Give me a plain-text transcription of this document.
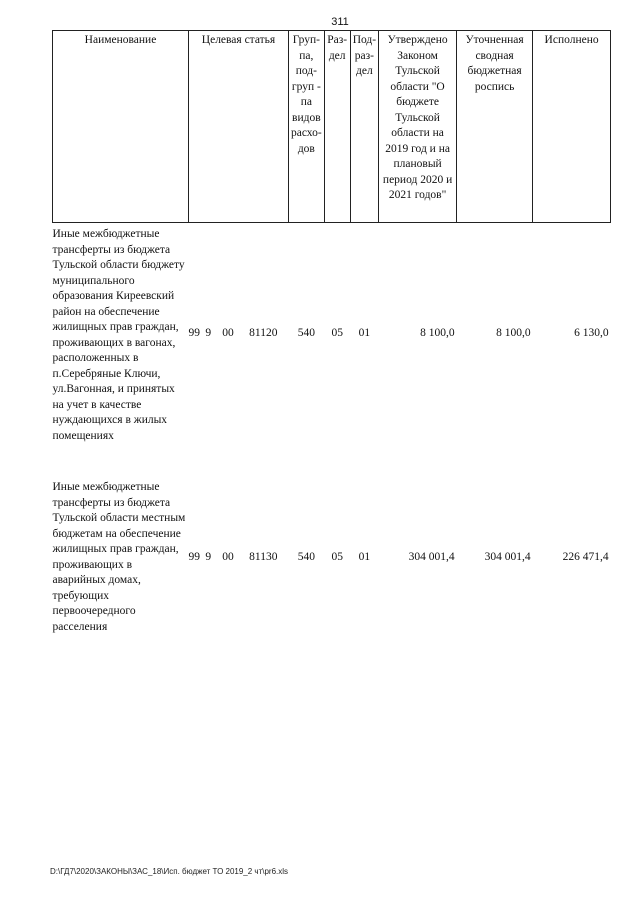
311
Наименование	Целевая статья	Груп-па, под-груп - па видов расхо-дов	Раз-дел	Под-раз-дел	Утверждено Законом Тульской области "О бюджете Тульской области на 2019 год и на плановый период 2020 и 2021 годов"	Уточненная сводная бюджетная роспись	Исполнено
Иные межбюджетные трансферты из бюджета Тульской области бюджету муниципального образования Киреевский район на обеспечение жилищных прав граждан, проживающих в вагонах, расположенных в п.Серебряные Ключи, ул.Вагонная, и принятых на учет в качестве нуждающихся в жилых помещениях	99 9 00 81120	540	05	01	8 100,0	8 100,0	6 130,0

Иные межбюджетные трансферты из бюджета Тульской области местным бюджетам на обеспечение жилищных прав граждан, проживающих в аварийных домах, требующих первоочередного расселения	99 9 00 81130	540	05	01	304 001,4	304 001,4	226 471,4
D:\ГД7\2020\ЗАКОНЫ\ЗАС_18\Исп. бюджет ТО 2019_2 чт\pr6.xls
